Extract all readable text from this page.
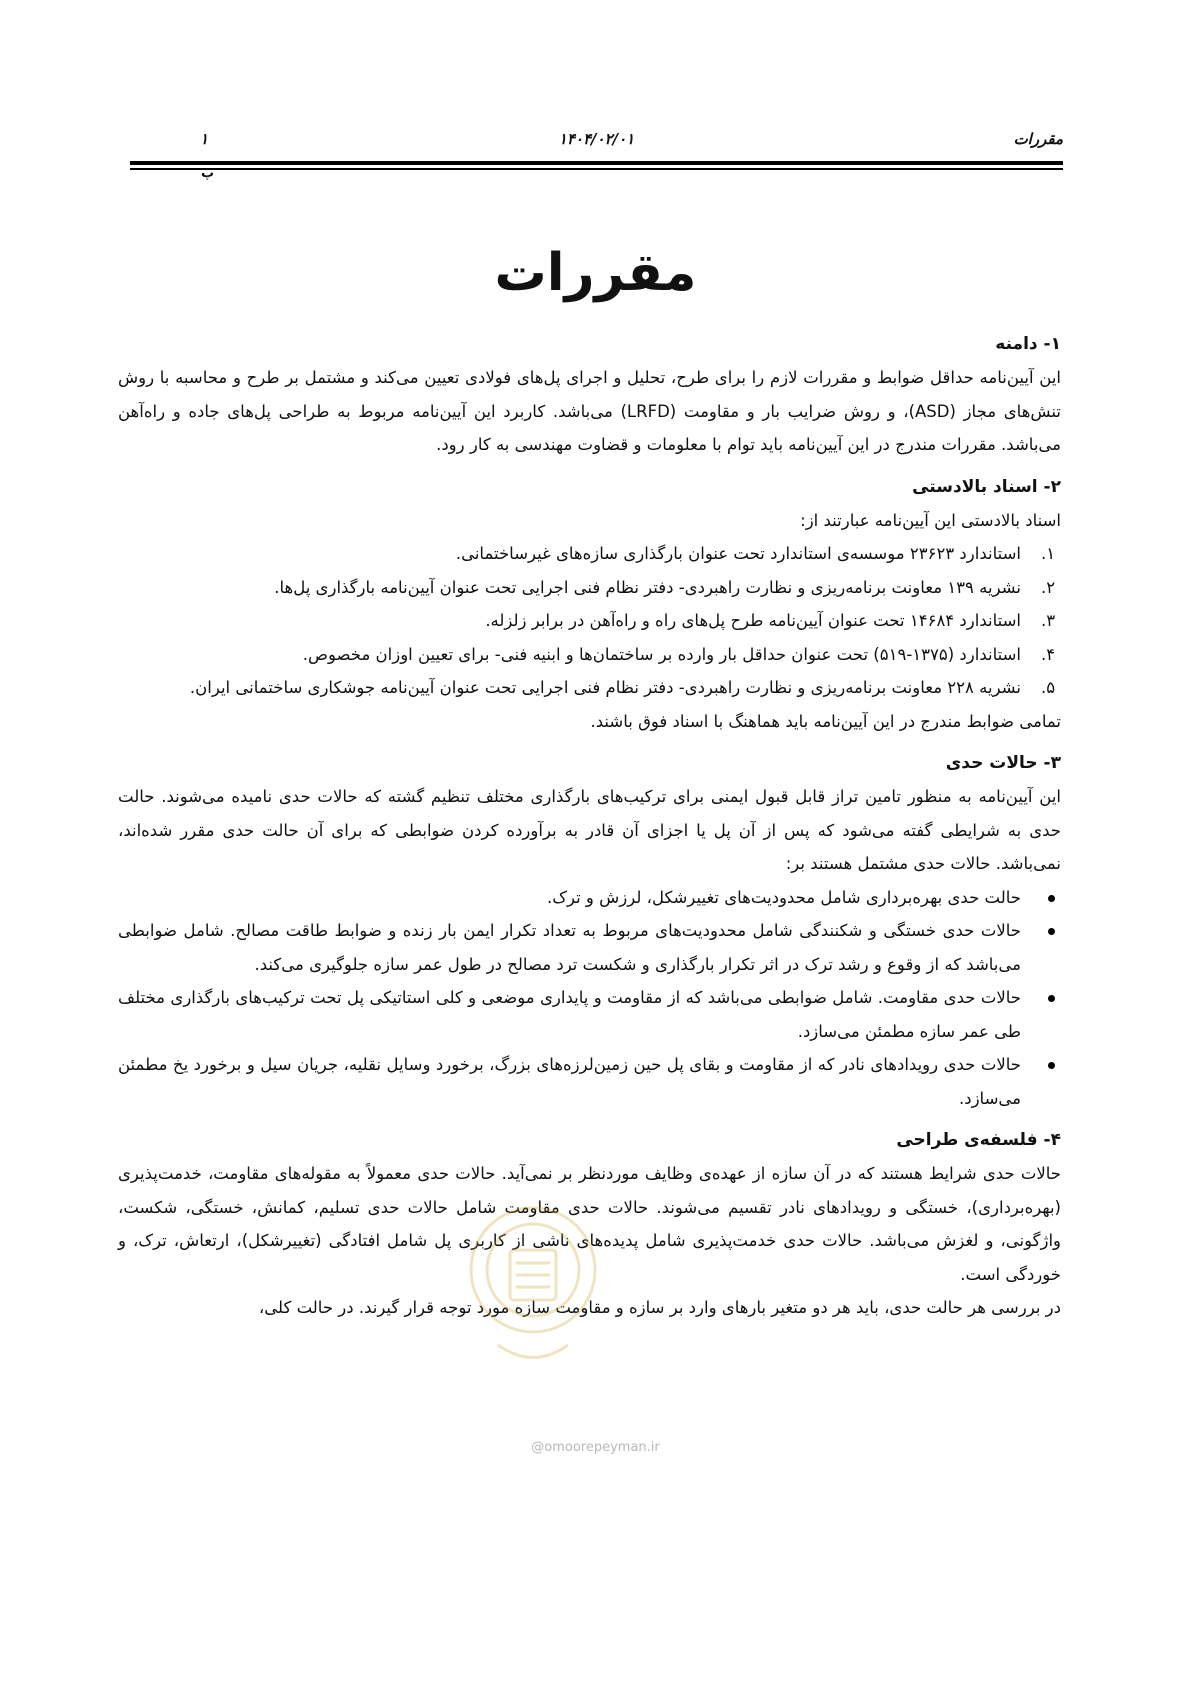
مقررات
۱۴۰۴/۰۲/۰۱
۱
پ
مقررات
۱- دامنه

این آیین‌نامه حداقل ضوابط و مقررات لازم را برای طرح، تحلیل و اجرای پل‌های فولادی تعیین می‌کند و مشتمل بر طرح و محاسبه با روش تنش‌های مجاز (ASD)، و روش ضرایب بار و مقاومت (LRFD) می‌باشد. کاربرد این آیین‌نامه مربوط به طراحی پل‌های جاده و راه‌آهن می‌باشد. مقررات مندرج در این آیین‌نامه باید توام با معلومات و قضاوت مهندسی به کار رود.

۲- اسناد بالادستی

اسناد بالادستی این آیین‌نامه عبارتند از:

۱.
استاندارد ۲۳۶۲۳ موسسه‌ی استاندارد تحت عنوان بارگذاری سازه‌های غیرساختمانی.
۲.
نشریه ۱۳۹ معاونت برنامه‌ریزی و نظارت راهبردی- دفتر نظام فنی اجرایی تحت عنوان آیین‌نامه بارگذاری پل‌ها.
۳.
استاندارد ۱۴۶۸۴ تحت عنوان آیین‌نامه طرح پل‌های راه و راه‌آهن در برابر زلزله.
۴.
استاندارد (۱۳۷۵-۵۱۹) تحت عنوان حداقل بار وارده بر ساختمان‌ها و ابنیه فنی- برای تعیین اوزان مخصوص.
۵.
نشریه ۲۲۸ معاونت برنامه‌ریزی و نظارت راهبردی- دفتر نظام فنی اجرایی تحت عنوان آیین‌نامه جوشکاری ساختمانی ایران.

تمامی ضوابط مندرج در این آیین‌نامه باید هماهنگ با اسناد فوق باشند.

۳- حالات حدی

این آیین‌نامه به منظور تامین تراز قابل قبول ایمنی برای ترکیب‌های بارگذاری مختلف تنظیم گشته که حالات حدی نامیده می‌شوند. حالت حدی به شرایطی گفته می‌شود که پس از آن پل یا اجزای آن قادر به برآورده کردن ضوابطی که برای آن حالت حدی مقرر شده‌اند، نمی‌باشد. حالات حدی مشتمل هستند بر:

حالت حدی بهره‌برداری شامل محدودیت‌های تغییرشکل، لرزش و ترک.
حالات حدی خستگی و شکنندگی شامل محدودیت‌های مربوط به تعداد تکرار ایمن بار زنده و ضوابط طاقت مصالح. شامل ضوابطی می‌باشد که از وقوع و رشد ترک در اثر تکرار بارگذاری و شکست ترد مصالح در طول عمر سازه جلوگیری می‌کند.
حالات حدی مقاومت. شامل ضوابطی می‌باشد که از مقاومت و پایداری موضعی و کلی استاتیکی پل تحت ترکیب‌های بارگذاری مختلف طی عمر سازه مطمئن می‌سازد.
حالات حدی رویدادهای نادر که از مقاومت و بقای پل حین زمین‌لرزه‌های بزرگ، برخورد وسایل نقلیه، جریان سیل و برخورد یخ مطمئن می‌سازد.
۴- فلسفه‌ی طراحی

حالات حدی شرایط هستند که در آن سازه از عهده‌ی وظایف موردنظر بر نمی‌آید. حالات حدی معمولاً به مقوله‌های مقاومت، خدمت‌پذیری (بهره‌برداری)، خستگی و رویدادهای نادر تقسیم می‌شوند. حالات حدی مقاومت شامل حالات حدی تسلیم، کمانش، خستگی، شکست، واژگونی، و لغزش می‌باشد. حالات حدی خدمت‌پذیری شامل پدیده‌های ناشی از کاربری پل شامل افتادگی (تغییرشکل)، ارتعاش، ترک، و خوردگی است.

در بررسی هر حالت حدی، باید هر دو متغیر بارهای وارد بر سازه و مقاومت سازه مورد توجه قرار گیرند. در حالت کلی،

@omoorepeyman.ir
